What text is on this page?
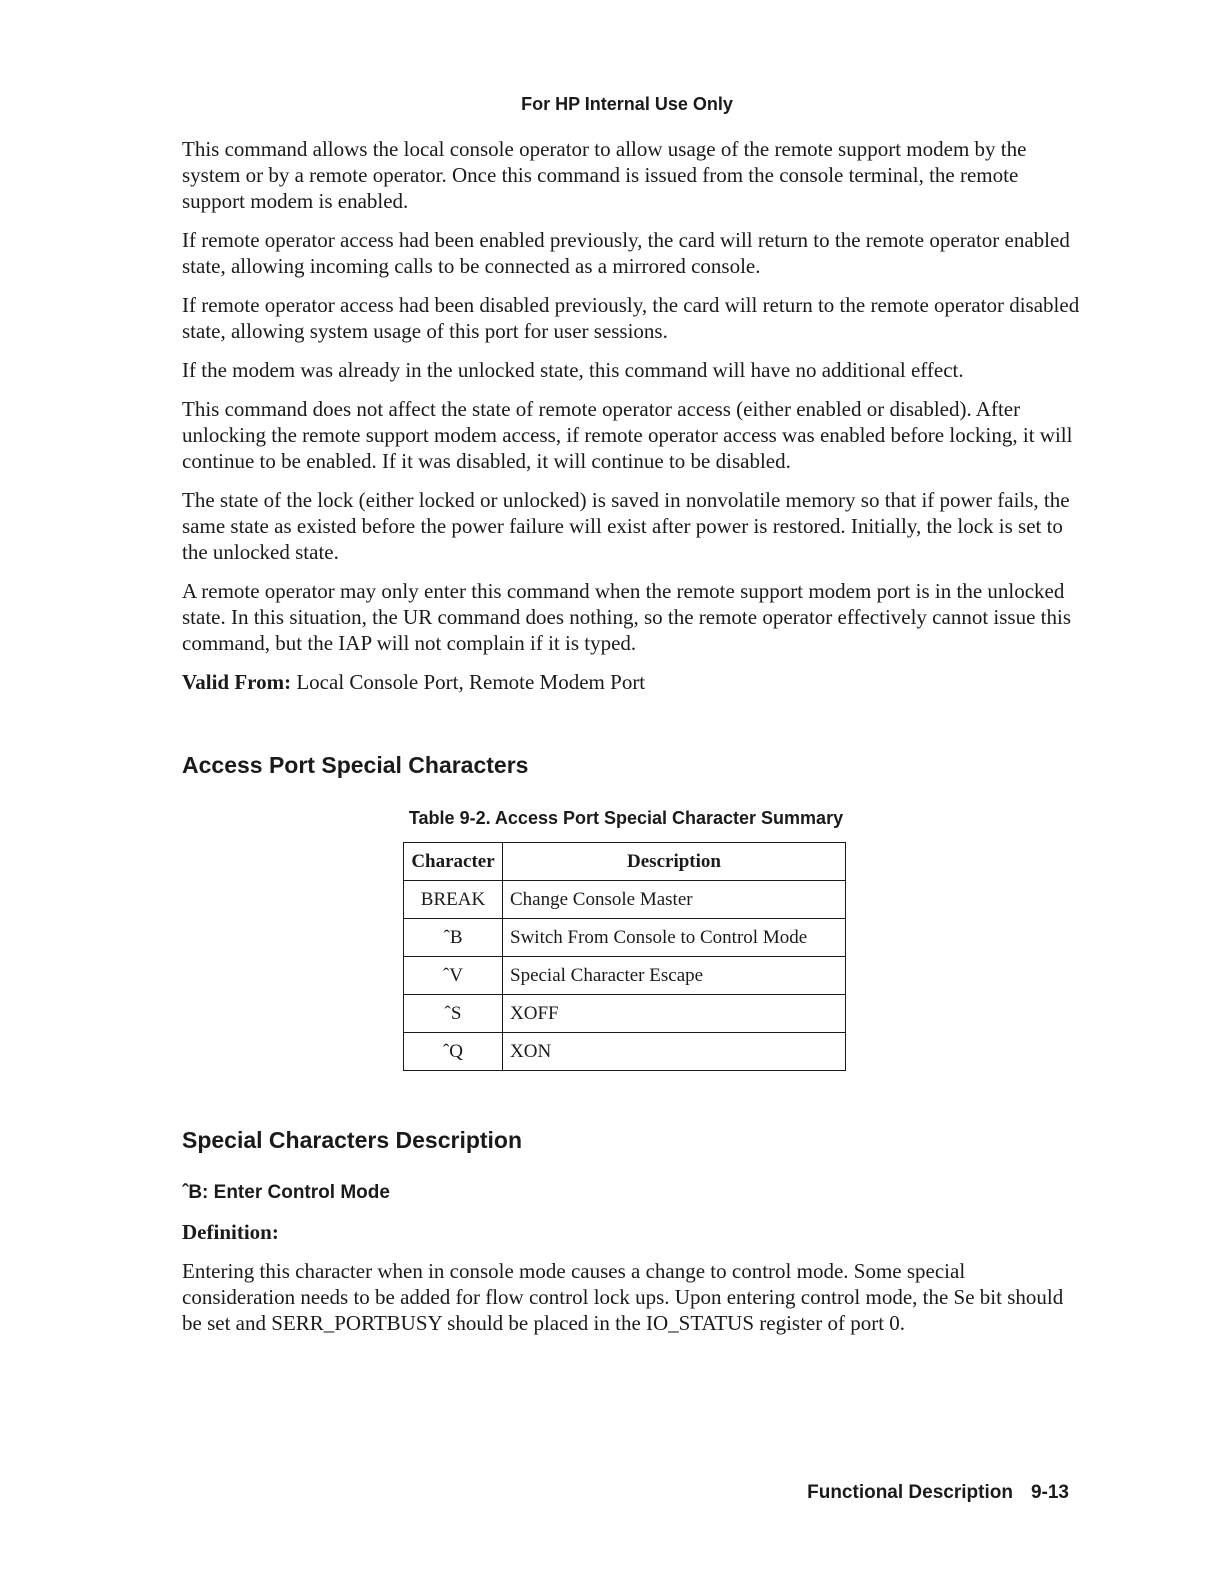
For HP Internal Use Only

This command allows the local console operator to allow usage of the remote support modem by the system or by a remote operator. Once this command is issued from the console terminal, the remote support modem is enabled.

If remote operator access had been enabled previously, the card will return to the remote operator enabled state, allowing incoming calls to be connected as a mirrored console.

If remote operator access had been disabled previously, the card will return to the remote operator disabled state, allowing system usage of this port for user sessions.

If the modem was already in the unlocked state, this command will have no additional effect.

This command does not affect the state of remote operator access (either enabled or disabled). After unlocking the remote support modem access, if remote operator access was enabled before locking, it will continue to be enabled. If it was disabled, it will continue to be disabled.

The state of the lock (either locked or unlocked) is saved in nonvolatile memory so that if power fails, the same state as existed before the power failure will exist after power is restored. Initially, the lock is set to the unlocked state.

A remote operator may only enter this command when the remote support modem port is in the unlocked state. In this situation, the UR command does nothing, so the remote operator effectively cannot issue this command, but the IAP will not complain if it is typed.

Valid From: Local Console Port, Remote Modem Port

Access Port Special Characters
Table 9-2. Access Port Special Character Summary
Character	Description
BREAK	Change Console Master
ˆB	Switch From Console to Control Mode
ˆV	Special Character Escape
ˆS	XOFF
ˆQ	XON
Special Characters Description
ˆB: Enter Control Mode

Definition:

Entering this character when in console mode causes a change to control mode. Some special consideration needs to be added for flow control lock ups. Upon entering control mode, the Se bit should be set and SERR_PORTBUSY should be placed in the IO_STATUS register of port 0.

Functional Description 9-13
